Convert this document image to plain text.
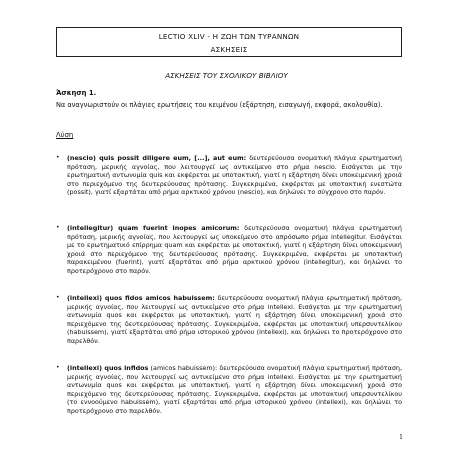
LECTIO XLIV - Η ΖΩΗ ΤΩΝ ΤΥΡΑΝΝΩΝ
ΑΣΚΗΣΕΙΣ
ΑΣΚΗΣΕΙΣ ΤΟΥ ΣΧΟΛΙΚΟΥ ΒΙΒΛΙΟΥ
Άσκηση 1.
Να αναγνωριστούν οι πλάγιες ερωτήσεις του κειμένου (εξάρτηση, εισαγωγή, εκφορά, ακολουθία).
Λύση
• (nescio) quis possit diligere eum, [...], aut eum: δευτερεύουσα ονοματική πλάγια ερωτηματική πρόταση, μερικής αγνοίας, που λειτουργεί ως αντικείμενο στο ρήμα nescio. Εισάγεται με την ερωτηματική αντωνυμία quis και εκφέρεται με υποτακτική, γιατί η εξάρτηση δίνει υποκειμενική χροιά στο περιεχόμενο της δευτερεύουσας πρότασης. Συγκεκριμένα, εκφέρεται με υποτακτική ενεστώτα (possit), γιατί εξαρτάται από ρήμα αρκτικού χρόνου (nescio), και δηλώνει το σύγχρονο στο παρόν.
• (intellegitur) quam fuerint inopes amicorum: δευτερεύουσα ονοματική πλάγια ερωτηματική πρόταση, μερικής αγνοίας, που λειτουργεί ως υποκείμενο στο απρόσωπο ρήμα intellegitur. Εισάγεται με το ερωτηματικό επίρρημα quam και εκφέρεται με υποτακτική, γιατί η εξάρτηση δίνει υποκειμενική χροιά στο περιεχόμενο της δευτερεύουσας πρότασης. Συγκεκριμένα, εκφέρεται με υποτακτική παρακειμένου (fuerint), γιατί εξαρτάται από ρήμα αρκτικού χρόνου (intellegitur), και δηλώνει το προτερόχρονο στο παρόν.
• (intellexi) quos fidos amicos habuissem: δευτερεύουσα ονοματική πλάγια ερωτηματική πρόταση, μερικής αγνοίας, που λειτουργεί ως αντικείμενο στο ρήμα intellexi. Εισάγεται με την ερωτηματική αντωνυμία quos και εκφέρεται με υποτακτική, γιατί η εξάρτηση δίνει υποκειμενική χροιά στο περιεχόμενο της δευτερεύουσας πρότασης. Συγκεκριμένα, εκφέρεται με υποτακτική υπερσυντελίκου (habuissem), γιατί εξαρτάται από ρήμα ιστορικού χρόνου (intellexi), και δηλώνει το προτερόχρονο στο παρελθόν.
• (intellexi) quos infidos (amicos habuissem): δευτερεύουσα ονοματική πλάγια ερωτηματική πρόταση, μερικής αγνοίας, που λειτουργεί ως αντικείμενο στο ρήμα intellexi. Εισάγεται με την ερωτηματική αντωνυμία quos και εκφέρεται με υποτακτική, γιατί η εξάρτηση δίνει υποκειμενική χροιά στο περιεχόμενο της δευτερεύουσας πρότασης. Συγκεκριμένα, εκφέρεται με υποτακτική υπερσυντελίκου (το εννοούμενο habuissem), γιατί εξαρτάται από ρήμα ιστορικού χρόνου (intellexi), και δηλώνει το προτερόχρονο στο παρελθόν.
1
